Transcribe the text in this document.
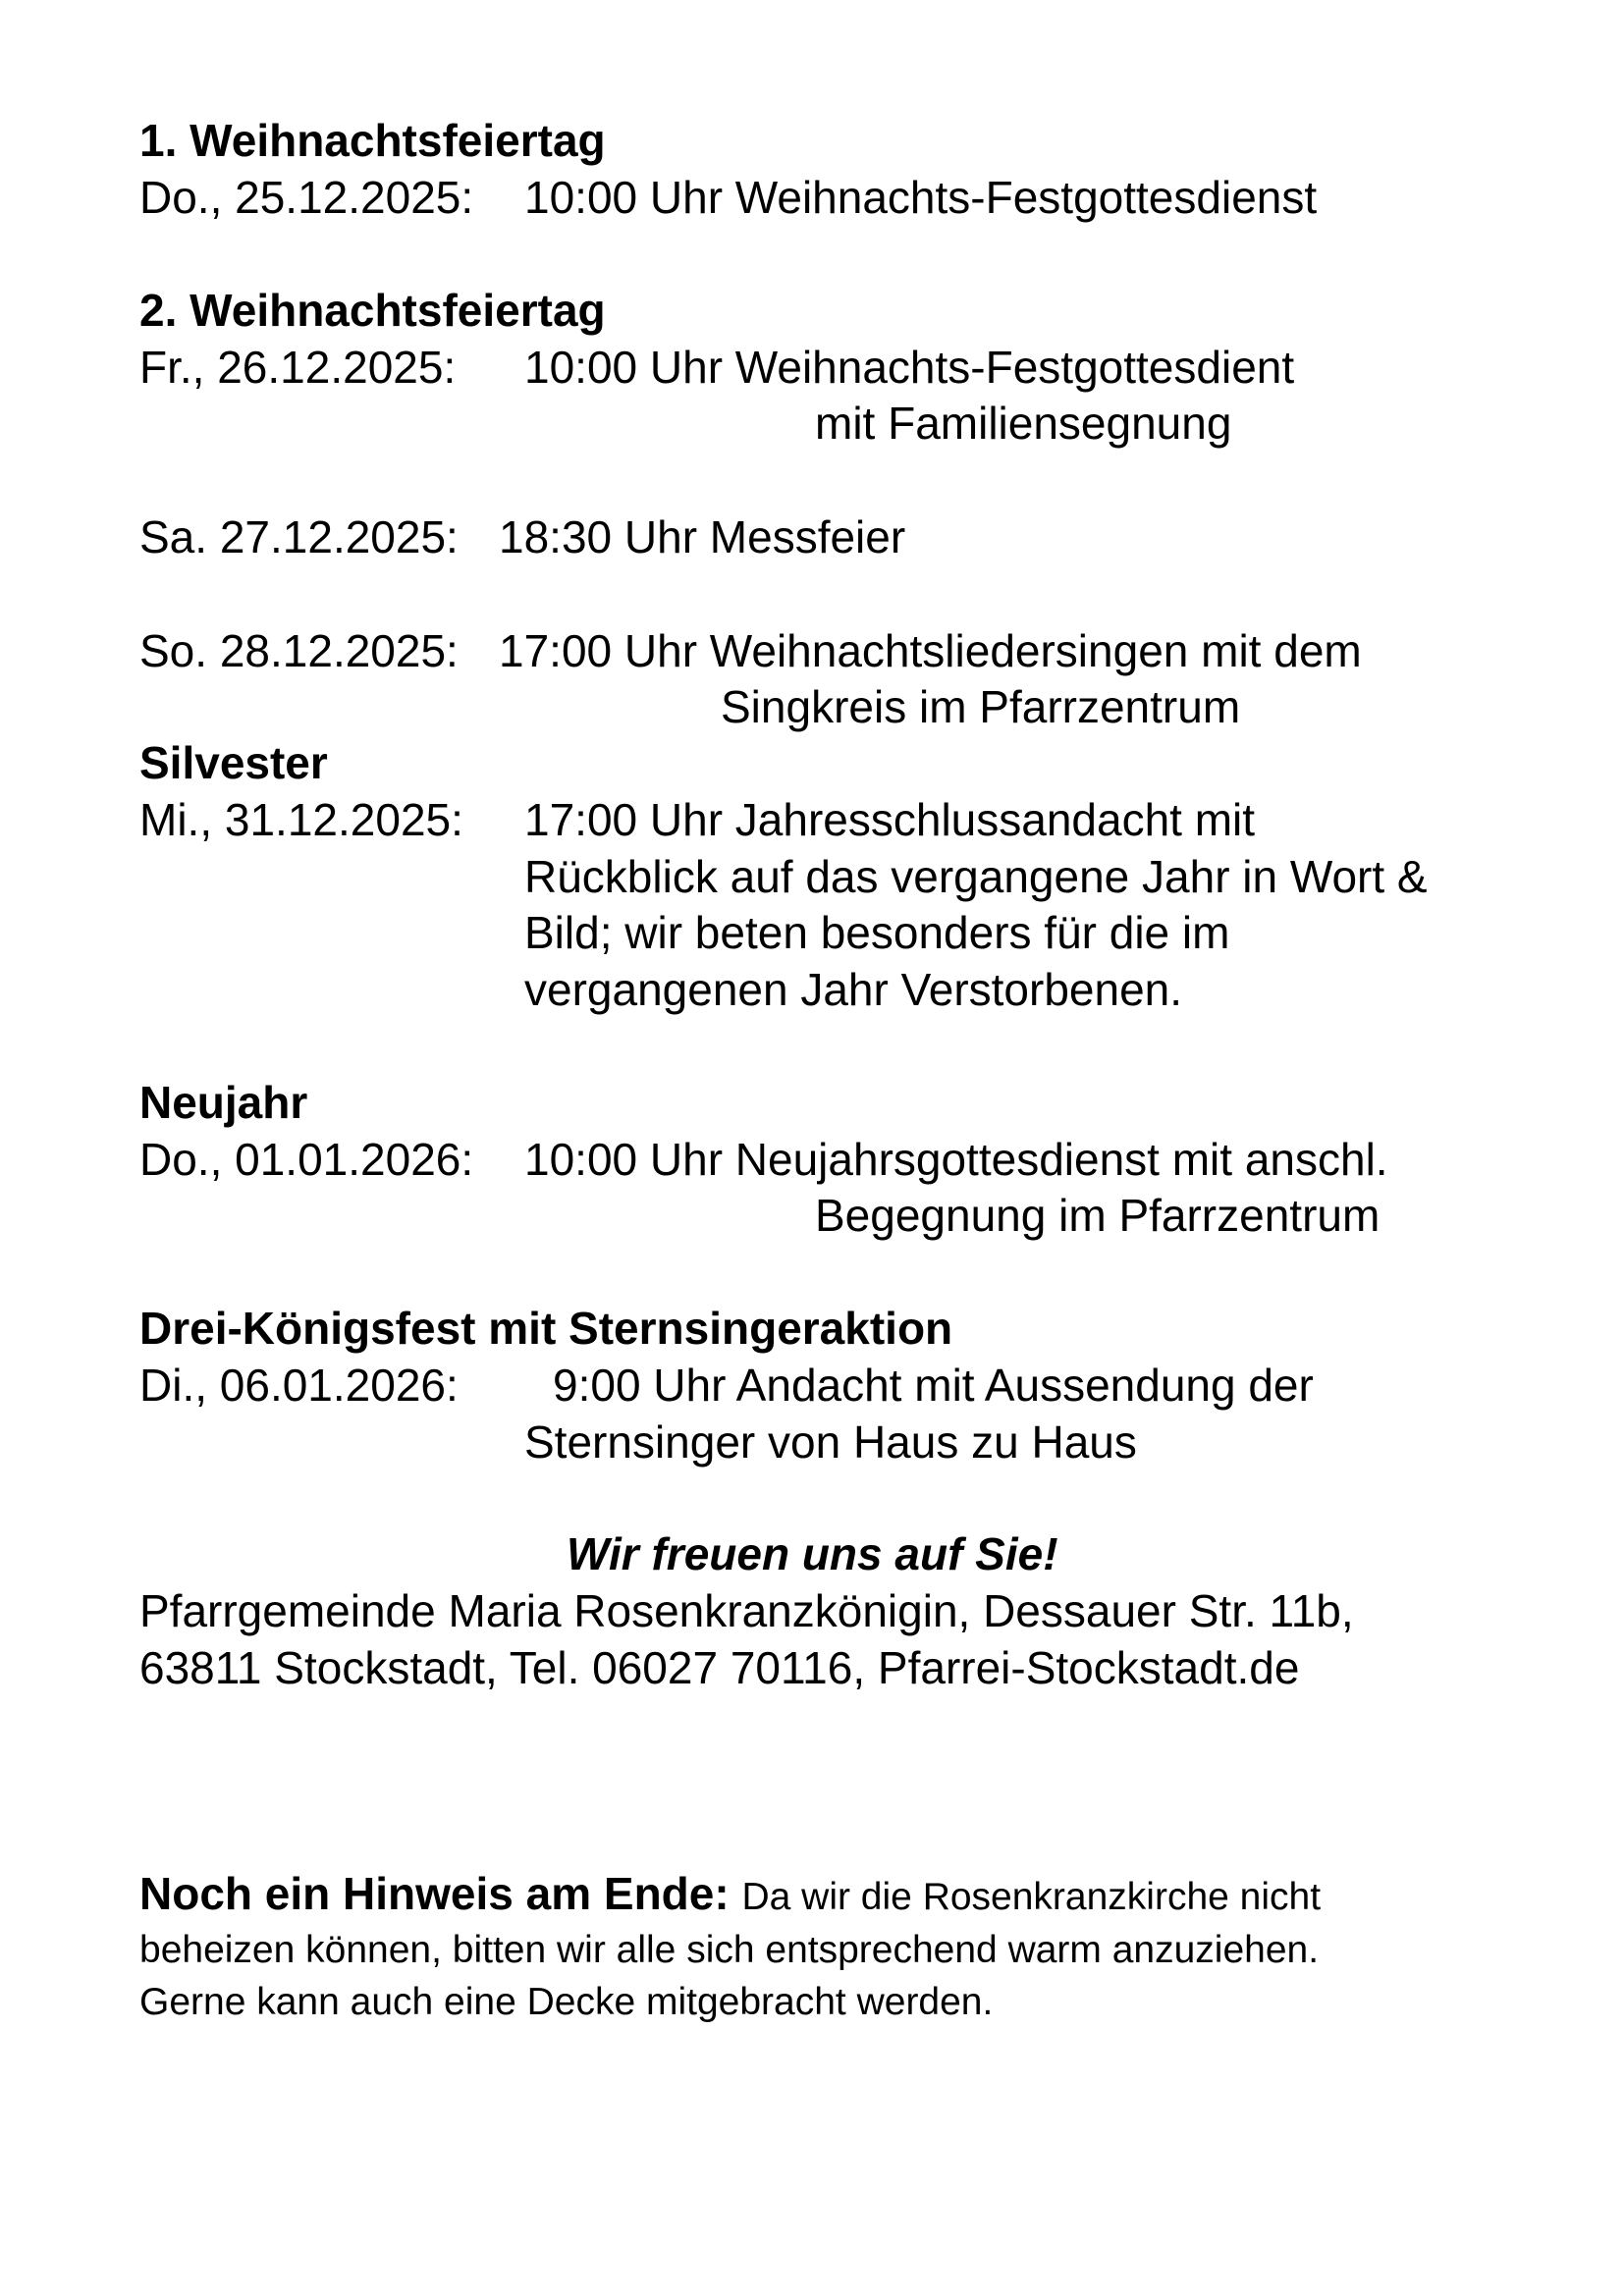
1. Weihnachtsfeiertag
Do., 25.12.2025: 10:00 Uhr Weihnachts-Festgottesdienst
2. Weihnachtsfeiertag
Fr., 26.12.2025: 10:00 Uhr Weihnachts-Festgottesdient
mit Familiensegnung
Sa. 27.12.2025: 18:30 Uhr Messfeier
So. 28.12.2025: 17:00 Uhr Weihnachtsliedersingen mit dem
Singkreis im Pfarrzentrum
Silvester
Mi., 31.12.2025: 17:00 Uhr Jahresschlussandacht mit
Rückblick auf das vergangene Jahr in Wort &
Bild; wir beten besonders für die im
vergangenen Jahr Verstorbenen.
Neujahr
Do., 01.01.2026: 10:00 Uhr Neujahrsgottesdienst mit anschl.
Begegnung im Pfarrzentrum
Drei-Königsfest mit Sternsingeraktion
Di., 06.01.2026: 9:00 Uhr Andacht mit Aussendung der
Sternsinger von Haus zu Haus
Wir freuen uns auf Sie!
Pfarrgemeinde Maria Rosenkranzkönigin, Dessauer Str. 11b,
63811 Stockstadt, Tel. 06027 70116, Pfarrei-Stockstadt.de
Noch ein Hinweis am Ende: Da wir die Rosenkranzkirche nicht
beheizen können, bitten wir alle sich entsprechend warm anzuziehen.
Gerne kann auch eine Decke mitgebracht werden.
